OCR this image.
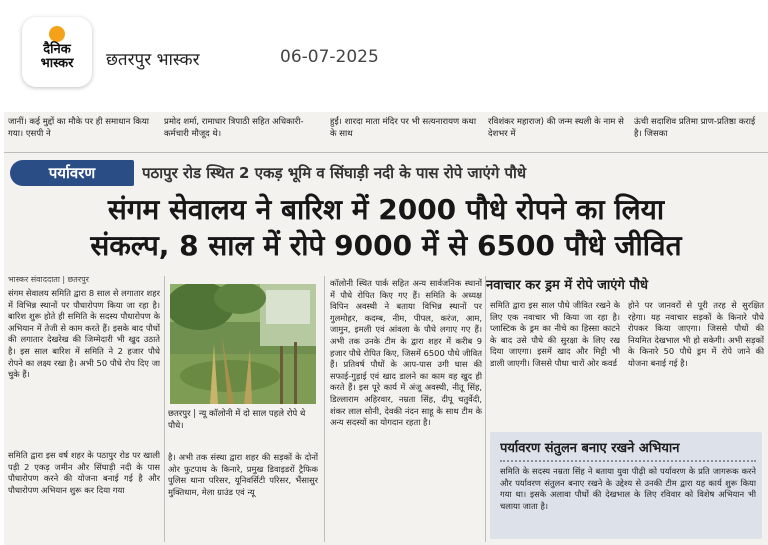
दैनिक
भास्कर	छतरपुर भास्कर	06-07-2025
जानीं। कई मुद्दों का मौके पर ही समाधान किया गया। एसपी ने
प्रमोद शर्मा, रामाधार त्रिपाठी सहित अधिकारी-कर्मचारी मौजूद थे।
हुईं। शारदा माता मंदिर पर भी सत्यनारायण कथा के साथ
रविशंकर महाराज) की जन्म स्थली के नाम से देशभर में
ऊंची सदाशिव प्रतिमा प्राण-प्रतिष्ठा कराई है। जिसका
पर्यावरण	पठापुर रोड स्थित 2 एकड़ भूमि व सिंघाड़ी नदी के पास रोपे जाएंगे पौधे
संगम सेवालय ने बारिश में 2000 पौधे रोपने का लिया
संकल्प, 8 साल में रोपे 9000 में से 6500 पौधे जीवित
भास्कर संवाददाता | छतरपुर
संगम सेवालय समिति द्वारा 8 साल से लगातार शहर में विभिन्न स्थानों पर पौधारोपण किया जा रहा है। बारिश शुरू होते ही समिति के सदस्य पौधारोपण के अभियान में तेजी से काम करते हैं। इसके बाद पौधों की लगातार देखरेख की जिम्मेदारी भी खुद उठाते है। इस साल बारिश में समिति ने 2 हजार पौधे रोपने का लक्ष्य रखा है। अभी 50 पौधे रोप दिए जा चुके हैं।
समिति द्वारा इस वर्ष शहर के पठापुर रोड पर खाली पड़ी 2 एकड़ जमीन और सिंघाड़ी नदी के पास पौधारोपण करने की योजना बनाई गई है और पौधारोपण अभियान शुरू कर दिया गया
छतरपुर | न्यू कॉलोनी में दो साल पहले रोपे थे पौधे।
है। अभी तक संस्था द्वारा शहर की सड़कों के दोनों ओर फुटपाथ के किनारे, प्रमुख डिवाइडरों ट्रैफिक पुलिस थाना परिसर, यूनिवर्सिटी परिसर, भैंसासुर मुक्तिधाम, मेला ग्राउंड एवं न्यू
कॉलोनी स्थित पार्क सहित अन्य सार्वजनिक स्थानों में पौधे रोपित किए गए हैं। समिति के अध्यक्ष विपिन अवस्थी ने बताया विभिन्न स्थानों पर गुलमोहर, कदम्ब, नीम, पीपल, करंज, आम, जामुन, इमली एवं आंवला के पौधे लगाए गए हैं। अभी तक उनके टीम के द्वारा शहर में करीब 9 हजार पौधे रोपित किए, जिसमें 6500 पौधे जीवित हैं। प्रतिवर्ष पौधों के आप-पास उगी घास की सफाई-गुड़ाई एवं खाद डालने का काम वह खुद ही करते हैं। इस पूरे कार्य में अंजू अवस्थी, नीतू सिंह, डिल्लाराम अहिरवार, नम्रता सिंह, दीपू चतुर्वेदी, शंकर लाल सोनी, देवकी नंदन साहू के साथ टीम के अन्य सदस्यों का योगदान रहता है।
नवाचार कर ड्रम में रोपे जाएंगे पौधे
समिति द्वारा इस साल पौधे जीवित रखने के लिए एक नवाचार भी किया जा रहा है। प्लास्टिक के ड्रम का नीचे का हिस्सा काटने के बाद उसे पौधे की सुरक्षा के लिए रख दिया जाएगा। इसमें खाद और मिट्टी भी डाली जाएगी। जिससे पौधा चारों ओर कवर्ड
होने पर जानवरों से पूरी तरह से सुरक्षित रहेगा। यह नवाचार सड़कों के किनारे पौधे रोपकर किया जाएगा। जिससे पौधों की नियमित देखभाल भी हो सकेगी। अभी सड़कों के किनारे 50 पौधे ड्रम में रोपे जाने की योजना बनाई गई है।
पर्यावरण संतुलन बनाए रखने अभियान
समिति के सदस्य नम्रता सिंह ने बताया युवा पीढ़ी को पर्यावरण के प्रति जागरूक करने और पर्यावरण संतुलन बनाए रखने के उद्देश्य से उनकी टीम द्वारा यह कार्य शुरू किया गया था। इसके अलावा पौधों की देखभाल के लिए रविवार को विशेष अभियान भी चलाया जाता है।
